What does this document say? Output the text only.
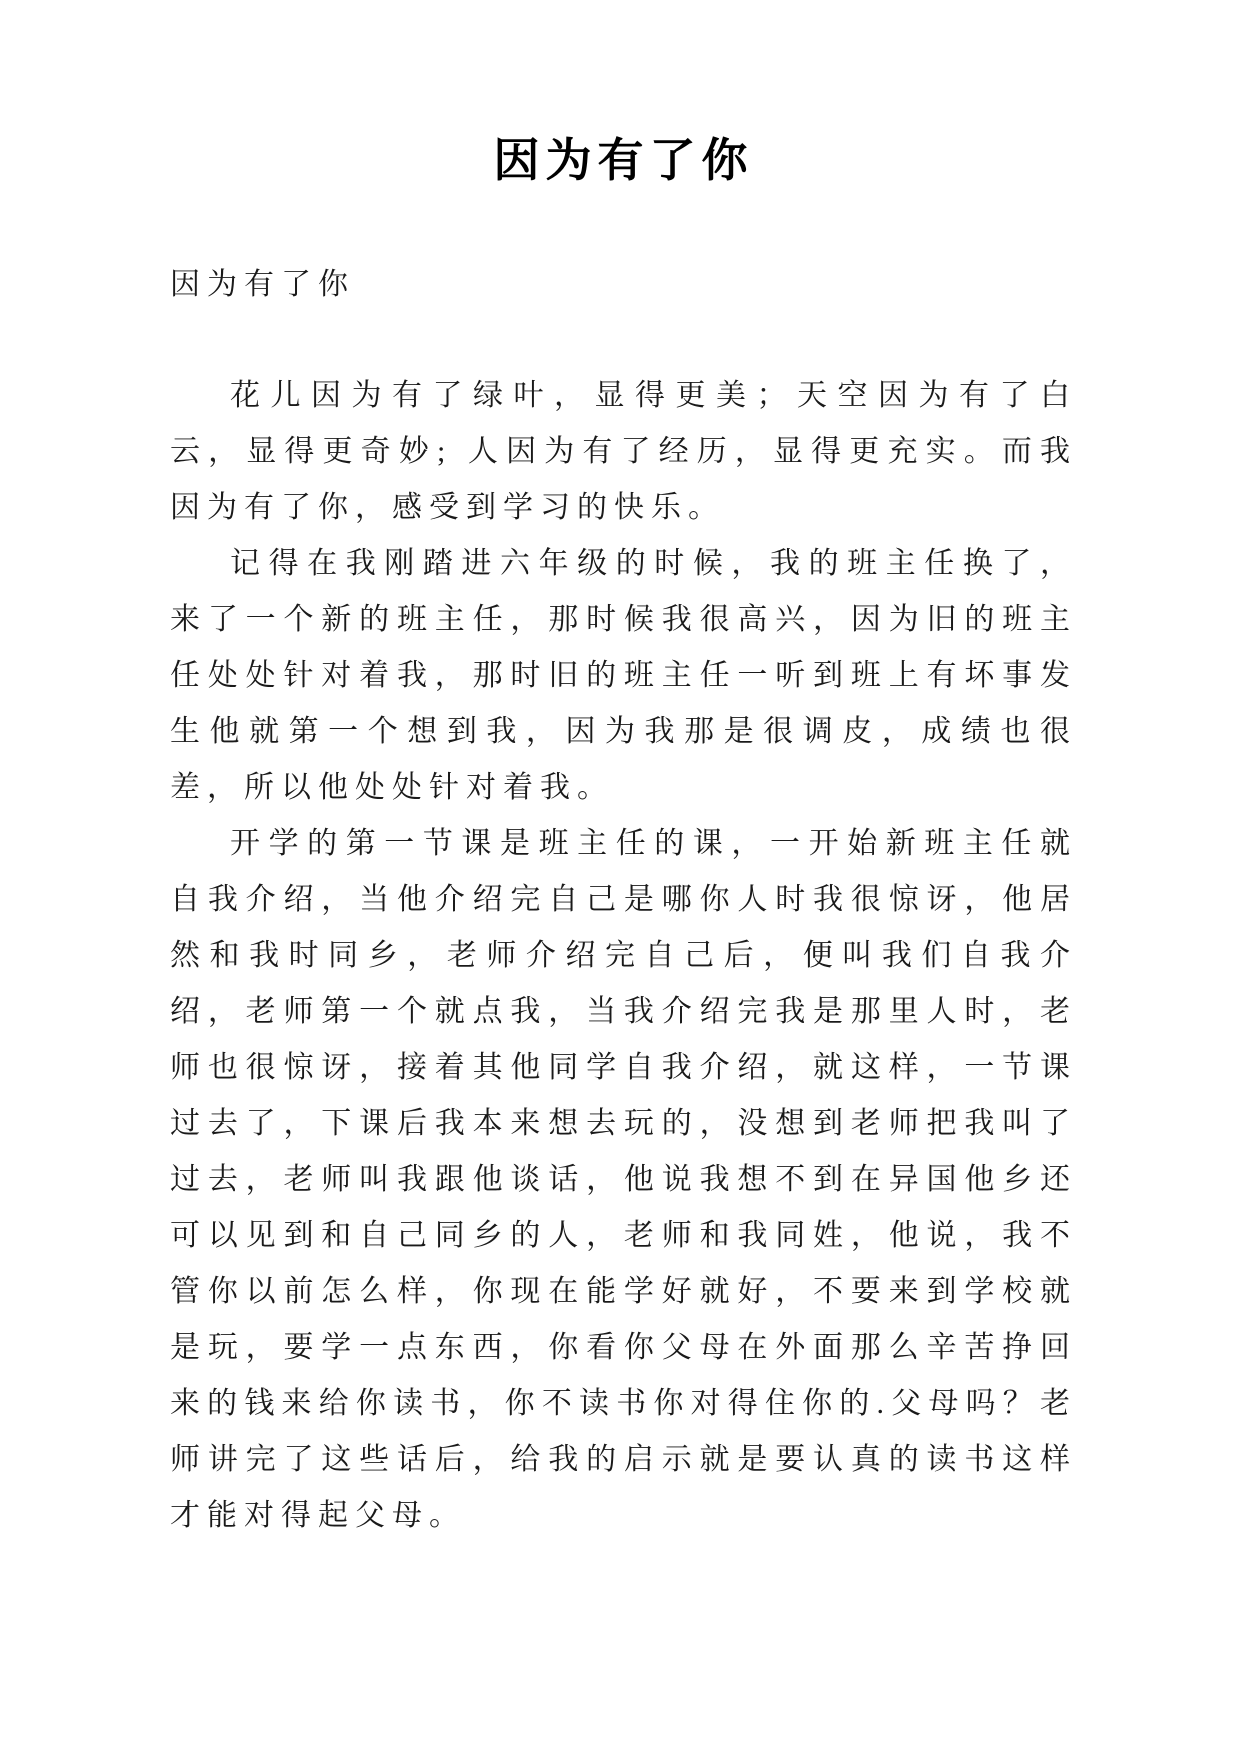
因为有了你

因为有了你

花儿因为有了绿叶，显得更美；天空因为有了白云，显得更奇妙; 人因为有了经历，显得更充实。而我因为有了你，感受到学习的快乐。

记得在我刚踏进六年级的时候，我的班主任换了，来了一个新的班主任，那时候我很高兴，因为旧的班主任处处针对着我，那时旧的班主任一听到班上有坏事发生他就第一个想到我，因为我那是很调皮，成绩也很差，所以他处处针对着我。

开学的第一节课是班主任的课，一开始新班主任就自我介绍，当他介绍完自己是哪你人时我很惊讶，他居然和我时同乡，老师介绍完自己后，便叫我们自我介绍，老师第一个就点我，当我介绍完我是那里人时，老师也很惊讶，接着其他同学自我介绍，就这样，一节课过去了，下课后我本来想去玩的，没想到老师把我叫了过去，老师叫我跟他谈话，他说我想不到在异国他乡还可以见到和自己同乡的人，老师和我同姓，他说，我不管你以前怎么样，你现在能学好就好，不要来到学校就是玩，要学一点东西，你看你父母在外面那么辛苦挣回来的钱来给你读书，你不读书你对得住你的.父母吗？老师讲完了这些话后，给我的启示就是要认真的读书这样才能对得起父母。
